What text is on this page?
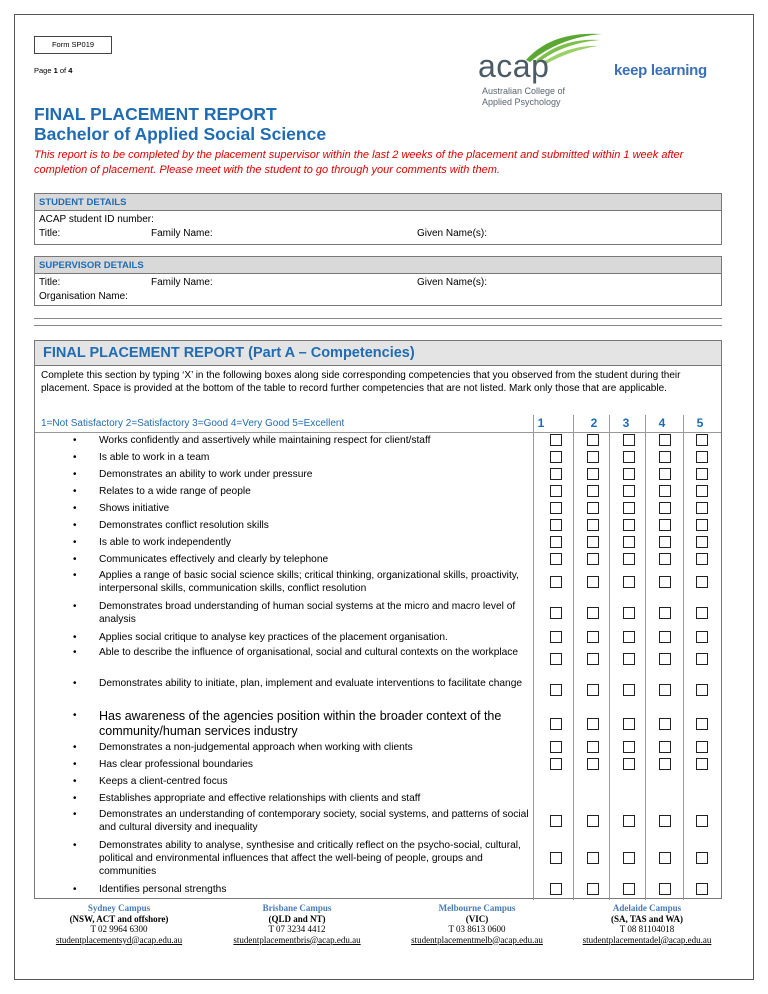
Form SP019
Page 1 of 4	acap
Australian College of
Applied Psychology
keep learning
FINAL PLACEMENT REPORT
Bachelor of Applied Social Science
This report is to be completed by the placement supervisor within the last 2 weeks of the placement and submitted within 1 week after completion of placement. Please meet with the student to go through your comments with them.
STUDENT DETAILS
ACAP student ID number:
Title:	Family Name:	Given Name(s):
SUPERVISOR DETAILS
Title:	Family Name:	Given Name(s):
Organisation Name:
FINAL PLACEMENT REPORT (Part A – Competencies)
Complete this section by typing ‘X’ in the following boxes along side corresponding competencies that you observed from the student during their placement. Space is provided at the bottom of the table to record further competencies that are not listed. Mark only those that are applicable.
1=Not Satisfactory 2=Satisfactory 3=Good 4=Very Good 5=Excellent	1	2	3	4	5
• Works confidently and assertively while maintaining respect for client/staff
• Is able to work in a team
• Demonstrates an ability to work under pressure
• Relates to a wide range of people
• Shows initiative
• Demonstrates conflict resolution skills
• Is able to work independently
• Communicates effectively and clearly by telephone
• Applies a range of basic social science skills; critical thinking, organizational skills, proactivity, interpersonal skills, communication skills, conflict resolution
• Demonstrates broad understanding of human social systems at the micro and macro level of analysis
• Applies social critique to analyse key practices of the placement organisation.
• Able to describe the influence of organisational, social and cultural contexts on the workplace
• Demonstrates ability to initiate, plan, implement and evaluate interventions to facilitate change
• Has awareness of the agencies position within the broader context of the community/human services industry
• Demonstrates a non-judgemental approach when working with clients
• Has clear professional boundaries
• Keeps a client-centred focus
• Establishes appropriate and effective relationships with clients and staff
• Demonstrates an understanding of contemporary society, social systems, and patterns of social and cultural diversity and inequality
• Demonstrates ability to analyse, synthesise and critically reflect on the psycho-social, cultural, political and environmental influences that affect the well-being of people, groups and communities
• Identifies personal strengths
Sydney Campus
(NSW, ACT and offshore)
T 02 9964 6300
studentplacementsyd@acap.edu.au
Brisbane Campus
(QLD and NT)
T 07 3234 4412
studentplacementbris@acap.edu.au
Melbourne Campus
(VIC)
T 03 8613 0600
studentplacementmelb@acap.edu.au
Adelaide Campus
(SA, TAS and WA)
T 08 81104018
studentplacementadel@acap.edu.au
